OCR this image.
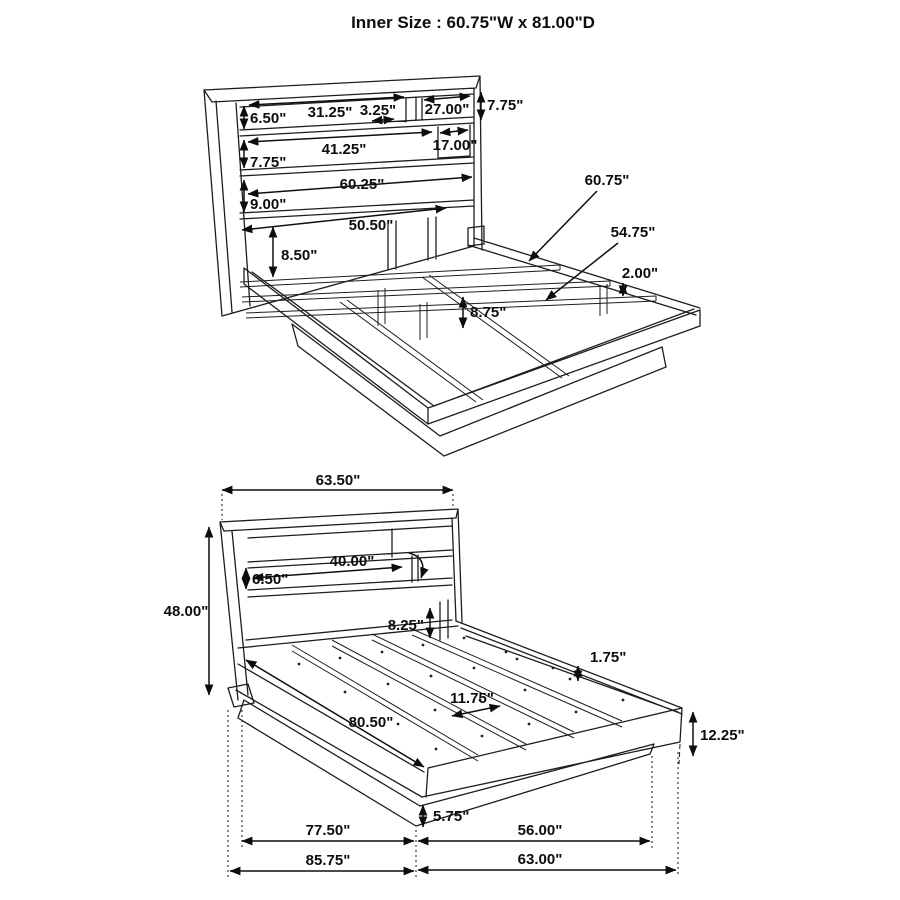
Inner Size : 60.75"W x 81.00"D
6.50" 31.25" 3.25" 27.00" 7.75"
41.25"
7.75"
17.00"
60.25"
9.00"
50.50"
8.50"
8.75"
60.75"
54.75"
2.00"
63.50"
48.00"
6.50"
40.00"
8.25"
1.75"
11.75"
80.50"
12.25"
5.75"
77.50"
85.75"
56.00"
63.00"
